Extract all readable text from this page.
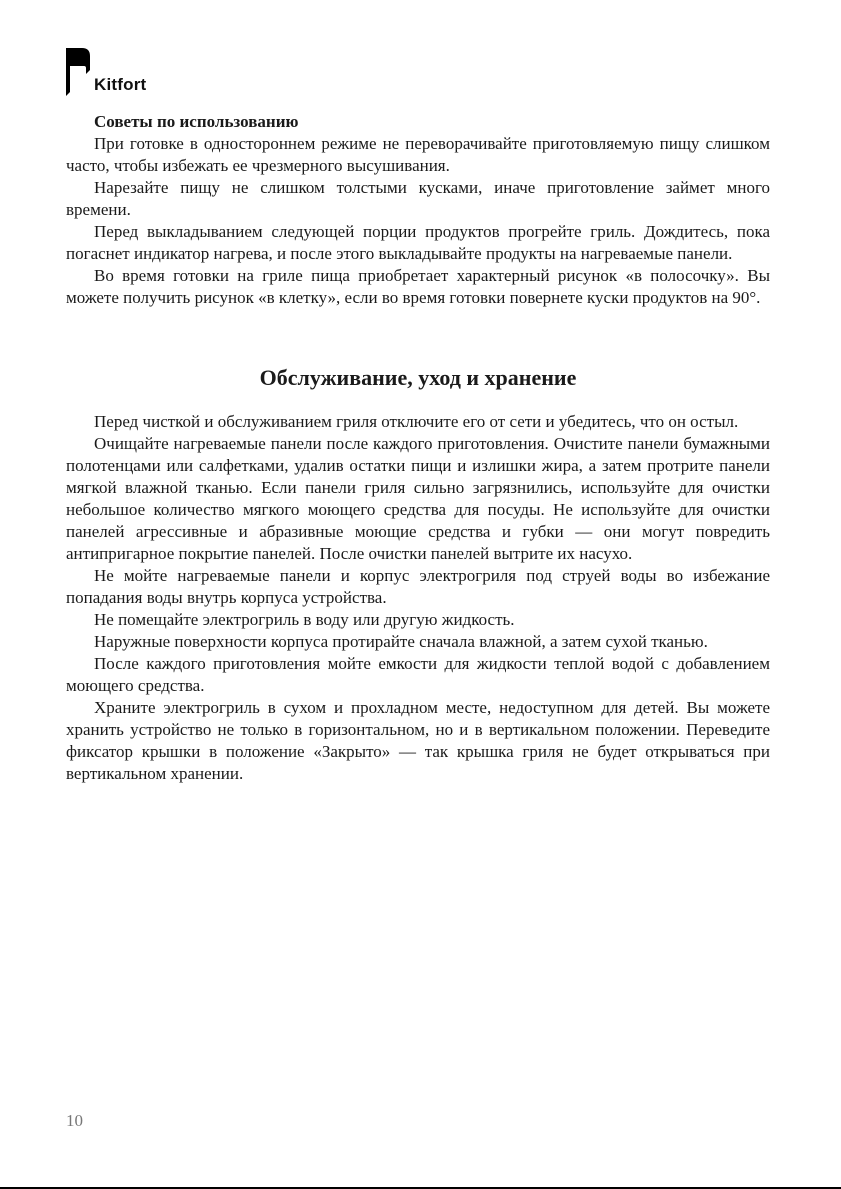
Kitfort
Советы по использованию

При готовке в одностороннем режиме не переворачивайте приготовляемую пищу слишком часто, чтобы избежать ее чрезмерного высушивания.

Нарезайте пищу не слишком толстыми кусками, иначе приготовление займет много времени.

Перед выкладыванием следующей порции продуктов прогрейте гриль. Дождитесь, пока погаснет индикатор нагрева, и после этого выкладывайте продукты на нагреваемые панели.

Во время готовки на гриле пища приобретает характерный рисунок «в полосочку». Вы можете получить рисунок «в клетку», если во время готовки повернете куски продуктов на 90°.

Обслуживание, уход и хранение

Перед чисткой и обслуживанием гриля отключите его от сети и убедитесь, что он остыл.

Очищайте нагреваемые панели после каждого приготовления. Очистите панели бумажными полотенцами или салфетками, удалив остатки пищи и излишки жира, а затем протрите панели мягкой влажной тканью. Если панели гриля сильно загрязнились, используйте для очистки небольшое количество мягкого моющего средства для посуды. Не используйте для очистки панелей агрессивные и абразивные моющие средства и губки — они могут повредить антипригарное покрытие панелей. После очистки панелей вытрите их насухо.

Не мойте нагреваемые панели и корпус электрогриля под струей воды во избежание попадания воды внутрь корпуса устройства.

Не помещайте электрогриль в воду или другую жидкость.

Наружные поверхности корпуса протирайте сначала влажной, а затем сухой тканью.

После каждого приготовления мойте емкости для жидкости теплой водой с добавлением моющего средства.

Храните электрогриль в сухом и прохладном месте, недоступном для детей. Вы можете хранить устройство не только в горизонтальном, но и в вертикальном положении. Переведите фиксатор крышки в положение «Закрыто» — так крышка гриля не будет открываться при вертикальном хранении.

10
